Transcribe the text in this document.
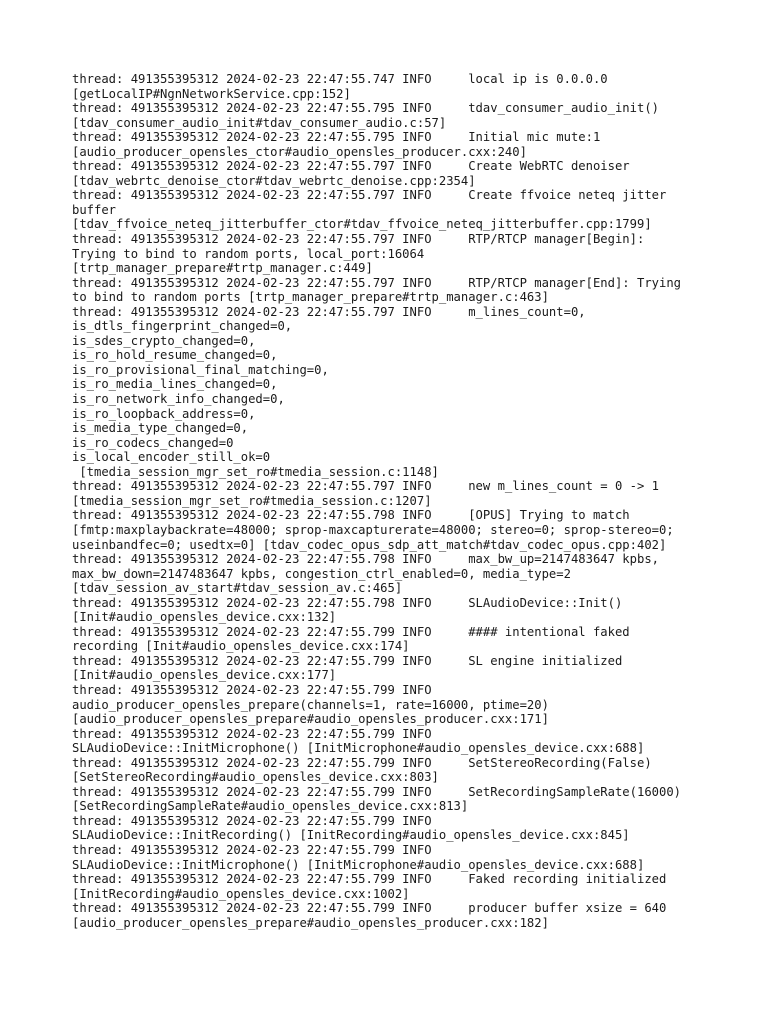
thread: 491355395312 2024-02-23 22:47:55.747 INFO     local ip is 0.0.0.0

[getLocalIP#NgnNetworkService.cpp:152]

thread: 491355395312 2024-02-23 22:47:55.795 INFO     tdav_consumer_audio_init()

[tdav_consumer_audio_init#tdav_consumer_audio.c:57]

thread: 491355395312 2024-02-23 22:47:55.795 INFO     Initial mic mute:1

[audio_producer_opensles_ctor#audio_opensles_producer.cxx:240]

thread: 491355395312 2024-02-23 22:47:55.797 INFO     Create WebRTC denoiser

[tdav_webrtc_denoise_ctor#tdav_webrtc_denoise.cpp:2354]

thread: 491355395312 2024-02-23 22:47:55.797 INFO     Create ffvoice neteq jitter

buffer

[tdav_ffvoice_neteq_jitterbuffer_ctor#tdav_ffvoice_neteq_jitterbuffer.cpp:1799]

thread: 491355395312 2024-02-23 22:47:55.797 INFO     RTP/RTCP manager[Begin]:

Trying to bind to random ports, local_port:16064

[trtp_manager_prepare#trtp_manager.c:449]

thread: 491355395312 2024-02-23 22:47:55.797 INFO     RTP/RTCP manager[End]: Trying

to bind to random ports [trtp_manager_prepare#trtp_manager.c:463]

thread: 491355395312 2024-02-23 22:47:55.797 INFO     m_lines_count=0,

is_dtls_fingerprint_changed=0,

is_sdes_crypto_changed=0,

is_ro_hold_resume_changed=0,

is_ro_provisional_final_matching=0,

is_ro_media_lines_changed=0,

is_ro_network_info_changed=0,

is_ro_loopback_address=0,

is_media_type_changed=0,

is_ro_codecs_changed=0

is_local_encoder_still_ok=0

[tmedia_session_mgr_set_ro#tmedia_session.c:1148]

thread: 491355395312 2024-02-23 22:47:55.797 INFO     new m_lines_count = 0 -> 1

[tmedia_session_mgr_set_ro#tmedia_session.c:1207]

thread: 491355395312 2024-02-23 22:47:55.798 INFO     [OPUS] Trying to match

[fmtp:maxplaybackrate=48000; sprop-maxcapturerate=48000; stereo=0; sprop-stereo=0;

useinbandfec=0; usedtx=0] [tdav_codec_opus_sdp_att_match#tdav_codec_opus.cpp:402]

thread: 491355395312 2024-02-23 22:47:55.798 INFO     max_bw_up=2147483647 kpbs,

max_bw_down=2147483647 kpbs, congestion_ctrl_enabled=0, media_type=2

[tdav_session_av_start#tdav_session_av.c:465]

thread: 491355395312 2024-02-23 22:47:55.798 INFO     SLAudioDevice::Init()

[Init#audio_opensles_device.cxx:132]

thread: 491355395312 2024-02-23 22:47:55.799 INFO     #### intentional faked

recording [Init#audio_opensles_device.cxx:174]

thread: 491355395312 2024-02-23 22:47:55.799 INFO     SL engine initialized

[Init#audio_opensles_device.cxx:177]

thread: 491355395312 2024-02-23 22:47:55.799 INFO

audio_producer_opensles_prepare(channels=1, rate=16000, ptime=20)

[audio_producer_opensles_prepare#audio_opensles_producer.cxx:171]

thread: 491355395312 2024-02-23 22:47:55.799 INFO

SLAudioDevice::InitMicrophone() [InitMicrophone#audio_opensles_device.cxx:688]

thread: 491355395312 2024-02-23 22:47:55.799 INFO     SetStereoRecording(False)

[SetStereoRecording#audio_opensles_device.cxx:803]

thread: 491355395312 2024-02-23 22:47:55.799 INFO     SetRecordingSampleRate(16000)

[SetRecordingSampleRate#audio_opensles_device.cxx:813]

thread: 491355395312 2024-02-23 22:47:55.799 INFO

SLAudioDevice::InitRecording() [InitRecording#audio_opensles_device.cxx:845]

thread: 491355395312 2024-02-23 22:47:55.799 INFO

SLAudioDevice::InitMicrophone() [InitMicrophone#audio_opensles_device.cxx:688]

thread: 491355395312 2024-02-23 22:47:55.799 INFO     Faked recording initialized

[InitRecording#audio_opensles_device.cxx:1002]

thread: 491355395312 2024-02-23 22:47:55.799 INFO     producer buffer xsize = 640

[audio_producer_opensles_prepare#audio_opensles_producer.cxx:182]
